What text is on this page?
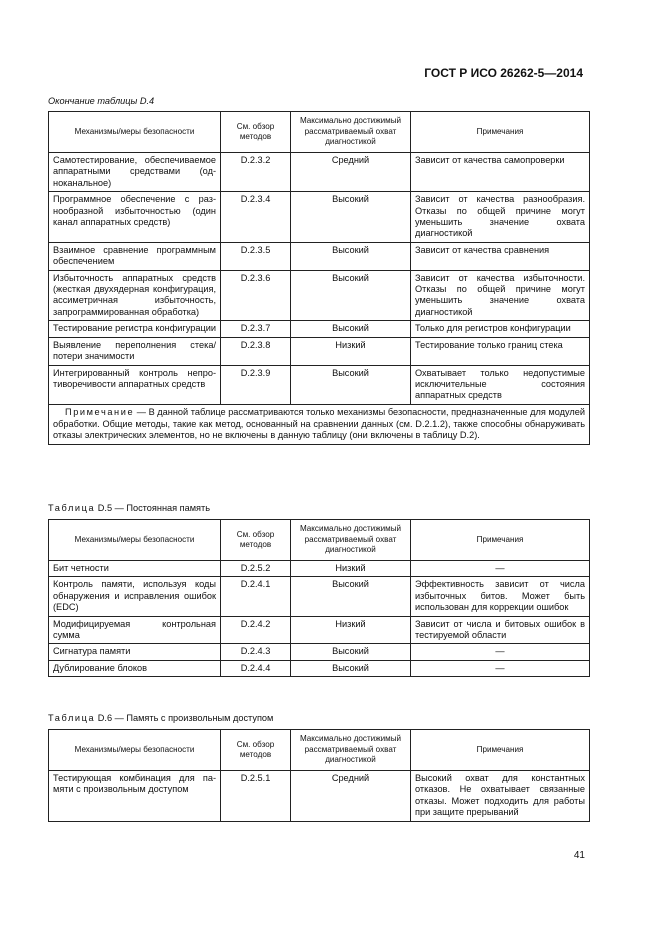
ГОСТ Р ИСО 26262-5—2014
Окончание таблицы D.4
Механизмы/меры безопасности	См. обзор методов	Максимально достижимый рассматриваемый охват диагностикой	Примечания
Самотестирование, обеспечиваемое аппаратными средствами (одноканальное)	D.2.3.2	Средний	Зависит от качества самопроверки
Программное обеспечение с разнообразной избыточностью (один канал аппаратных средств)	D.2.3.4	Высокий	Зависит от качества разнообразия. Отказы по общей причине могут уменьшить значение охвата диагностикой
Взаимное сравнение программным обеспечением	D.2.3.5	Высокий	Зависит от качества сравнения
Избыточность аппаратных средств (жесткая двухядерная конфигурация, ассиметричная избыточность, запрограммированная обработка)	D.2.3.6	Высокий	Зависит от качества избыточности. Отказы по общей причине могут уменьшить значение охвата диагностикой
Тестирование регистра конфигурации	D.2.3.7	Высокий	Только для регистров конфигурации
Выявление переполнения стека/потери значимости	D.2.3.8	Низкий	Тестирование только границ стека
Интегрированный контроль непротиворечивости аппаратных средств	D.2.3.9	Высокий	Охватывает только недопустимые исключительные состояния аппаратных средств
Примечание — В данной таблице рассматриваются только механизмы безопасности, предназначенные для модулей обработки. Общие методы, такие как метод, основанный на сравнении данных (см. D.2.1.2), также способны обнаруживать отказы электрических элементов, но не включены в данную таблицу (они включены в таблицу D.2).			
Таблица D.5 — Постоянная память
Механизмы/меры безопасности	См. обзор методов	Максимально достижимый рассматриваемый охват диагностикой	Примечания
Бит четности	D.2.5.2	Низкий	—
Контроль памяти, используя коды обнаружения и исправления ошибок (EDC)	D.2.4.1	Высокий	Эффективность зависит от числа избыточных битов. Может быть использован для коррекции ошибок
Модифицируемая контрольная сумма	D.2.4.2	Низкий	Зависит от числа и битовых ошибок в тестируемой области
Сигнатура памяти	D.2.4.3	Высокий	—
Дублирование блоков	D.2.4.4	Высокий	—
Таблица D.6 — Память с произвольным доступом
Механизмы/меры безопасности	См. обзор методов	Максимально достижимый рассматриваемый охват диагностикой	Примечания
Тестирующая комбинация для памяти с произвольным доступом	D.2.5.1	Средний	Высокий охват для константных отказов. Не охватывает связанные отказы. Может подходить для работы при защите прерываний
41
